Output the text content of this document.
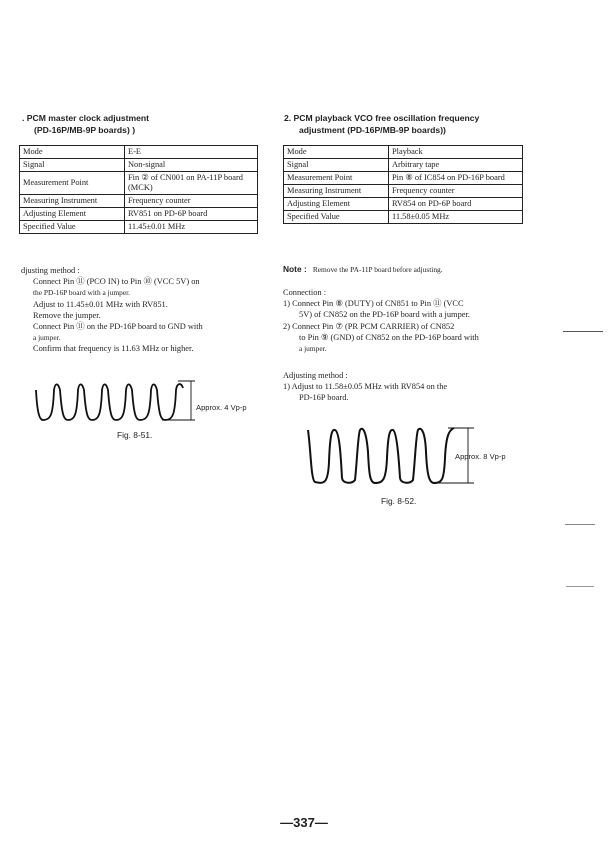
. PCM master clock adjustment
(PD-16P/MB-9P boards) )
Mode	E-E
Signal	Non-signal
Measurement Point	Fin ② of CN001 on PA-11P board (MCK)
Measuring Instrument	Frequency counter
Adjusting Element	RV851 on PD-6P board
Specified Value	11.45±0.01 MHz
djusting method :
Connect Pin ⑪ (PCO IN) to Pin ⑩ (VCC 5V) on
the PD-16P board with a jumper.
Adjust to 11.45±0.01 MHz with RV851.
Remove the jumper.
Connect Pin ⑪ on the PD-16P board to GND with
a jumper.
Confirm that frequency is 11.63 MHz or higher.
Approx. 4 Vp-p
Fig. 8-51.
2. PCM playback VCO free oscillation frequency
adjustment (PD-16P/MB-9P boards))
Mode	Playback
Signal	Arbitrary tape
Measurement Point	Pin ⑧ of IC854 on PD-16P board
Measuring Instrument	Frequency counter
Adjusting Element	RV854 on PD-6P board
Specified Value	11.58±0.05 MHz
Note : Remove the PA-11P board before adjusting.
Connection :
1) Connect Pin ⑧ (DUTY) of CN851 to Pin ⑪ (VCC
5V) of CN852 on the PD-16P board with a jumper.
2) Connect Pin ⑦ (PR PCM CARRIER) of CN852
to Pin ⑨ (GND) of CN852 on the PD-16P board with
a jumper.
Adjusting method :
1) Adjust to 11.58±0.05 MHz with RV854 on the
PD-16P board.
Approx. 8 Vp-p
Fig. 8-52.
—337—
